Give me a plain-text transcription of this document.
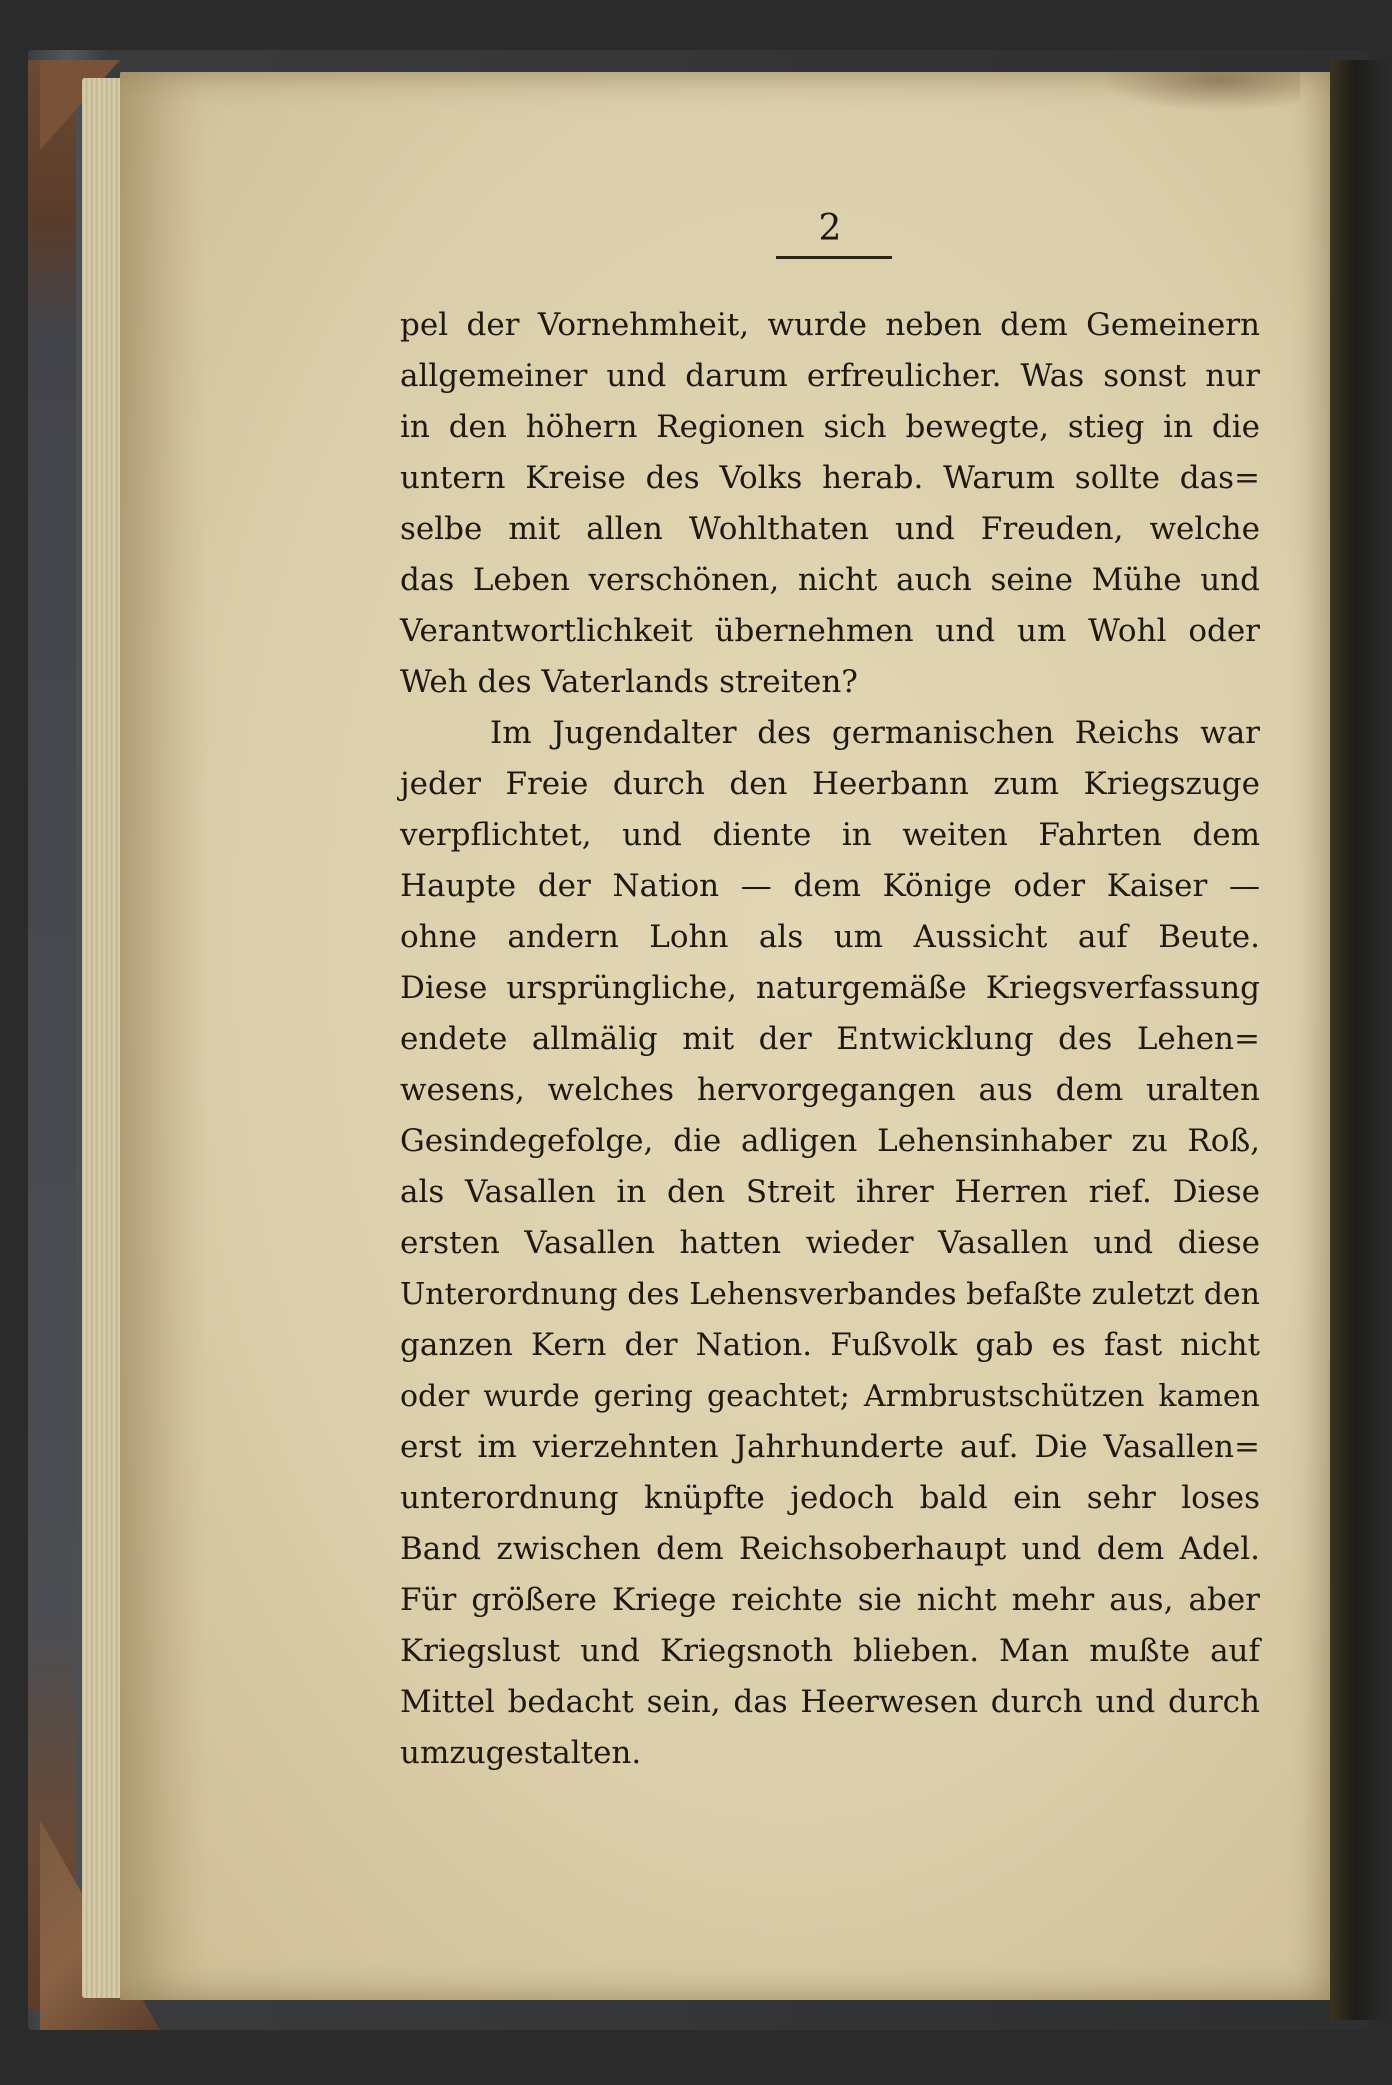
2
pel der Vornehmheit, wurde neben dem Gemeinern
allgemeiner und darum erfreulicher. Was sonst nur
in den höhern Regionen sich bewegte, stieg in die
untern Kreise des Volks herab. Warum sollte das=
selbe mit allen Wohlthaten und Freuden, welche
das Leben verschönen, nicht auch seine Mühe und
Verantwortlichkeit übernehmen und um Wohl oder
Weh des Vaterlands streiten?
Im Jugendalter des germanischen Reichs war
jeder Freie durch den Heerbann zum Kriegszuge
verpflichtet, und diente in weiten Fahrten dem
Haupte der Nation — dem Könige oder Kaiser —
ohne andern Lohn als um Aussicht auf Beute.
Diese ursprüngliche, naturgemäße Kriegsverfassung
endete allmälig mit der Entwicklung des Lehen=
wesens, welches hervorgegangen aus dem uralten
Gesindegefolge, die adligen Lehensinhaber zu Roß,
als Vasallen in den Streit ihrer Herren rief. Diese
ersten Vasallen hatten wieder Vasallen und diese
Unterordnung des Lehensverbandes befaßte zuletzt den
ganzen Kern der Nation. Fußvolk gab es fast nicht
oder wurde gering geachtet; Armbrustschützen kamen
erst im vierzehnten Jahrhunderte auf. Die Vasallen=
unterordnung knüpfte jedoch bald ein sehr loses
Band zwischen dem Reichsoberhaupt und dem Adel.
Für größere Kriege reichte sie nicht mehr aus, aber
Kriegslust und Kriegsnoth blieben. Man mußte auf
Mittel bedacht sein, das Heerwesen durch und durch
umzugestalten.
